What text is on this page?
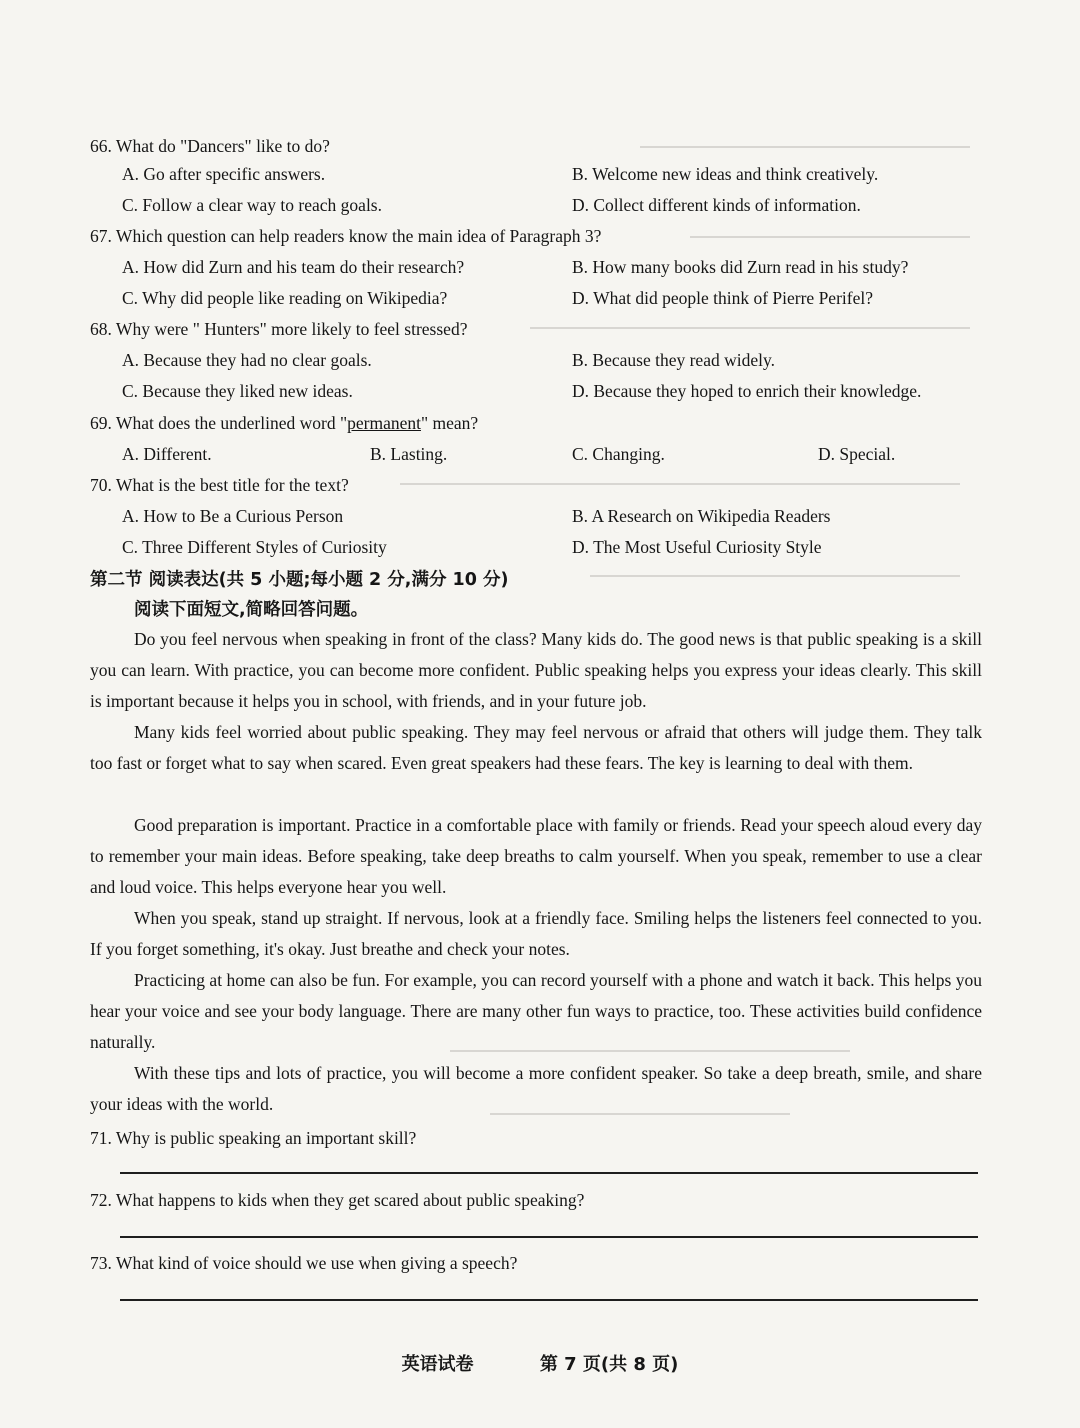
66. What do "Dancers" like to do?
A. Go after specific answers.	B. Welcome new ideas and think creatively.
C. Follow a clear way to reach goals.	D. Collect different kinds of information.
67. Which question can help readers know the main idea of Paragraph 3?
A. How did Zurn and his team do their research?	B. How many books did Zurn read in his study?
C. Why did people like reading on Wikipedia?	D. What did people think of Pierre Perifel?
68. Why were " Hunters" more likely to feel stressed?
A. Because they had no clear goals.	B. Because they read widely.
C. Because they liked new ideas.	D. Because they hoped to enrich their knowledge.
69. What does the underlined word "permanent" mean?
A. Different.	B. Lasting.	C. Changing.	D. Special.
70. What is the best title for the text?
A. How to Be a Curious Person	B. A Research on Wikipedia Readers
C. Three Different Styles of Curiosity	D. The Most Useful Curiosity Style
第二节 阅读表达(共 5 小题;每小题 2 分,满分 10 分)
阅读下面短文,简略回答问题。
Do you feel nervous when speaking in front of the class? Many kids do. The good news is that public speaking is a skill you can learn. With practice, you can become more confident. Public speaking helps you express your ideas clearly. This skill is important because it helps you in school, with friends, and in your future job.
Many kids feel worried about public speaking. They may feel nervous or afraid that others will judge them. They talk too fast or forget what to say when scared. Even great speakers had these fears. The key is learning to deal with them.
Good preparation is important. Practice in a comfortable place with family or friends. Read your speech aloud every day to remember your main ideas. Before speaking, take deep breaths to calm yourself. When you speak, remember to use a clear and loud voice. This helps everyone hear you well.
When you speak, stand up straight. If nervous, look at a friendly face. Smiling helps the listeners feel connected to you. If you forget something, it's okay. Just breathe and check your notes.
Practicing at home can also be fun. For example, you can record yourself with a phone and watch it back. This helps you hear your voice and see your body language. There are many other fun ways to practice, too. These activities build confidence naturally.
With these tips and lots of practice, you will become a more confident speaker. So take a deep breath, smile, and share your ideas with the world.
71. Why is public speaking an important skill?
72. What happens to kids when they get scared about public speaking?
73. What kind of voice should we use when giving a speech?
英语试卷	第 7 页(共 8 页)
